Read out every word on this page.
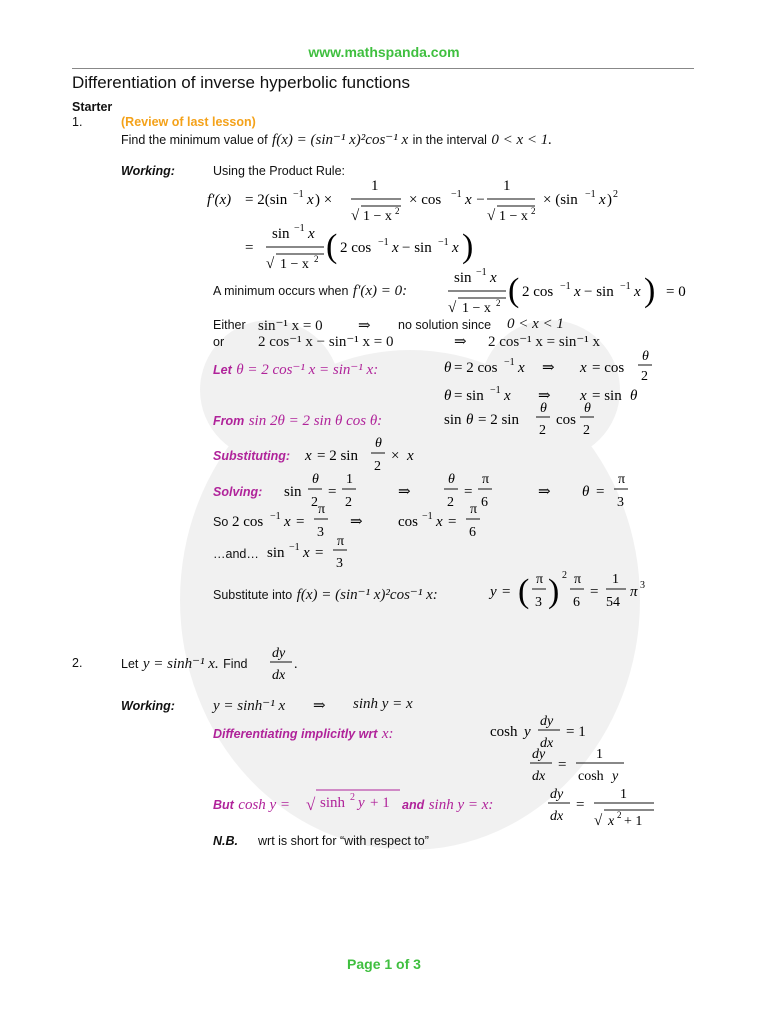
www.mathspanda.com
Differentiation of inverse hyperbolic functions
Starter
1.	(Review of last lesson)
Find the minimum value of f(x) = (sin⁻¹ x)²cos⁻¹ x in the interval 0 < x < 1.
Working:	Using the Product Rule:
f′(x) = 2(sin −1 x ) ×
1
√ 1 − x 2
× cos −1 x −
1
√ 1 − x 2
× (sin −1 x ) 2
=
sin −1 x
√ 1 − x 2 ( 2 cos −1 x − sin −1 x )
A minimum occurs when f′(x) = 0:
sin −1 x
√ 1 − x 2 ( 2 cos −1 x − sin −1 x ) = 0
Either sin⁻¹ x = 0 ⇒ no solution since 0 < x < 1
or 2 cos⁻¹ x − sin⁻¹ x = 0	⇒ 2 cos⁻¹ x = sin⁻¹ x
Let θ = 2 cos⁻¹ x = sin⁻¹ x:	θ = 2 cos −1 x ⇒ x = cos
θ
2
θ = sin −1 x ⇒ x = sin θ
From sin 2θ = 2 sin θ cos θ:	sin θ = 2 sin
θ
2
cos
θ
2
Substituting: x = 2 sin
θ
2
× x
Solving: sin
θ
2
=
1
2
⇒
θ
2
=
π
6
⇒ θ =
π
3
So 2 cos −1 x =
π
3
⇒ cos −1 x =
π
6
…and… sin −1 x =
π
3
Substitute into f(x) = (sin⁻¹ x)²cos⁻¹ x:	y = ( π
3 ) 2 π
6
=
1
54
π 3
2.	Let y = sinh⁻¹ x. Find
dy
dx
.
Working:	y = sinh⁻¹ x ⇒ sinh y = x
Differentiating implicitly wrt x:	cosh y
dy
dx
= 1
dy
dx
=
1
cosh y
But cosh y = √ sinh 2 y + 1 and sinh y = x:
dy
dx
=
1
√ x 2 + 1
N.B. wrt is short for “with respect to”
Page 1 of 3
